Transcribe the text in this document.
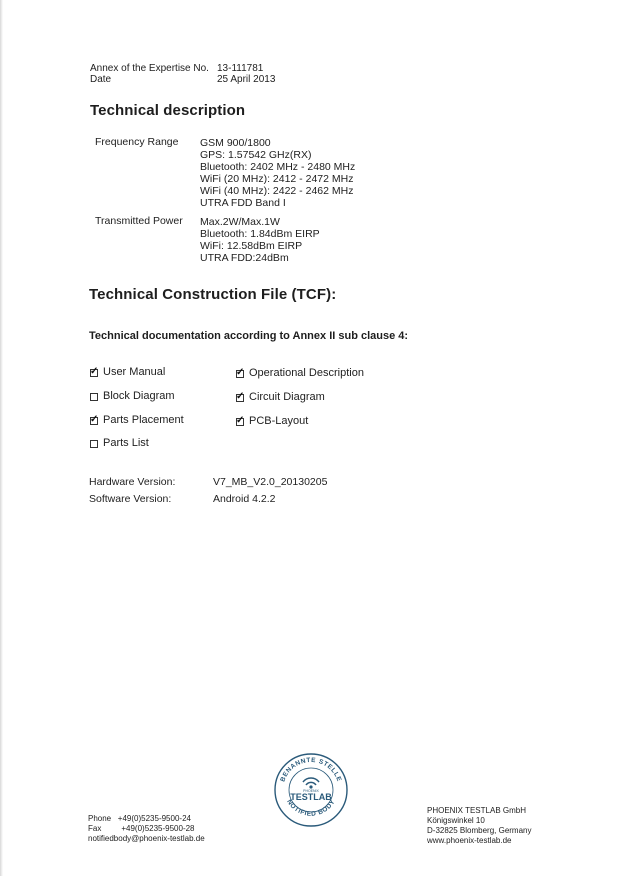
Annex of the Expertise No. 13-111781
Date	25 April 2013
Technical description
Frequency Range GSM 900/1800
GPS: 1.57542 GHz(RX)
Bluetooth: 2402 MHz - 2480 MHz
WiFi (20 MHz): 2412 - 2472 MHz
WiFi (40 MHz): 2422 - 2462 MHz
UTRA FDD Band I
Transmitted Power Max.2W/Max.1W
Bluetooth: 1.84dBm EIRP
WiFi: 12.58dBm EIRP
UTRA FDD:24dBm
Technical Construction File (TCF):
Technical documentation according to Annex II sub clause 4:
✓
User Manual
Block Diagram
✓
Parts Placement
Parts List
✓
Operational Description
✓
Circuit Diagram
✓
PCB-Layout
Hardware Version:	V7_MB_V2.0_20130205
Software Version:	Android 4.2.2
BENANNTE STELLE
NOTIFIED BODY
PHOENIX
TESTLAB
Phone   +49(0)5235-9500-24
Fax         +49(0)5235-9500-28
notifiedbody@phoenix-testlab.de
PHOENIX TESTLAB GmbH
Königswinkel 10
D-32825 Blomberg, Germany
www.phoenix-testlab.de
